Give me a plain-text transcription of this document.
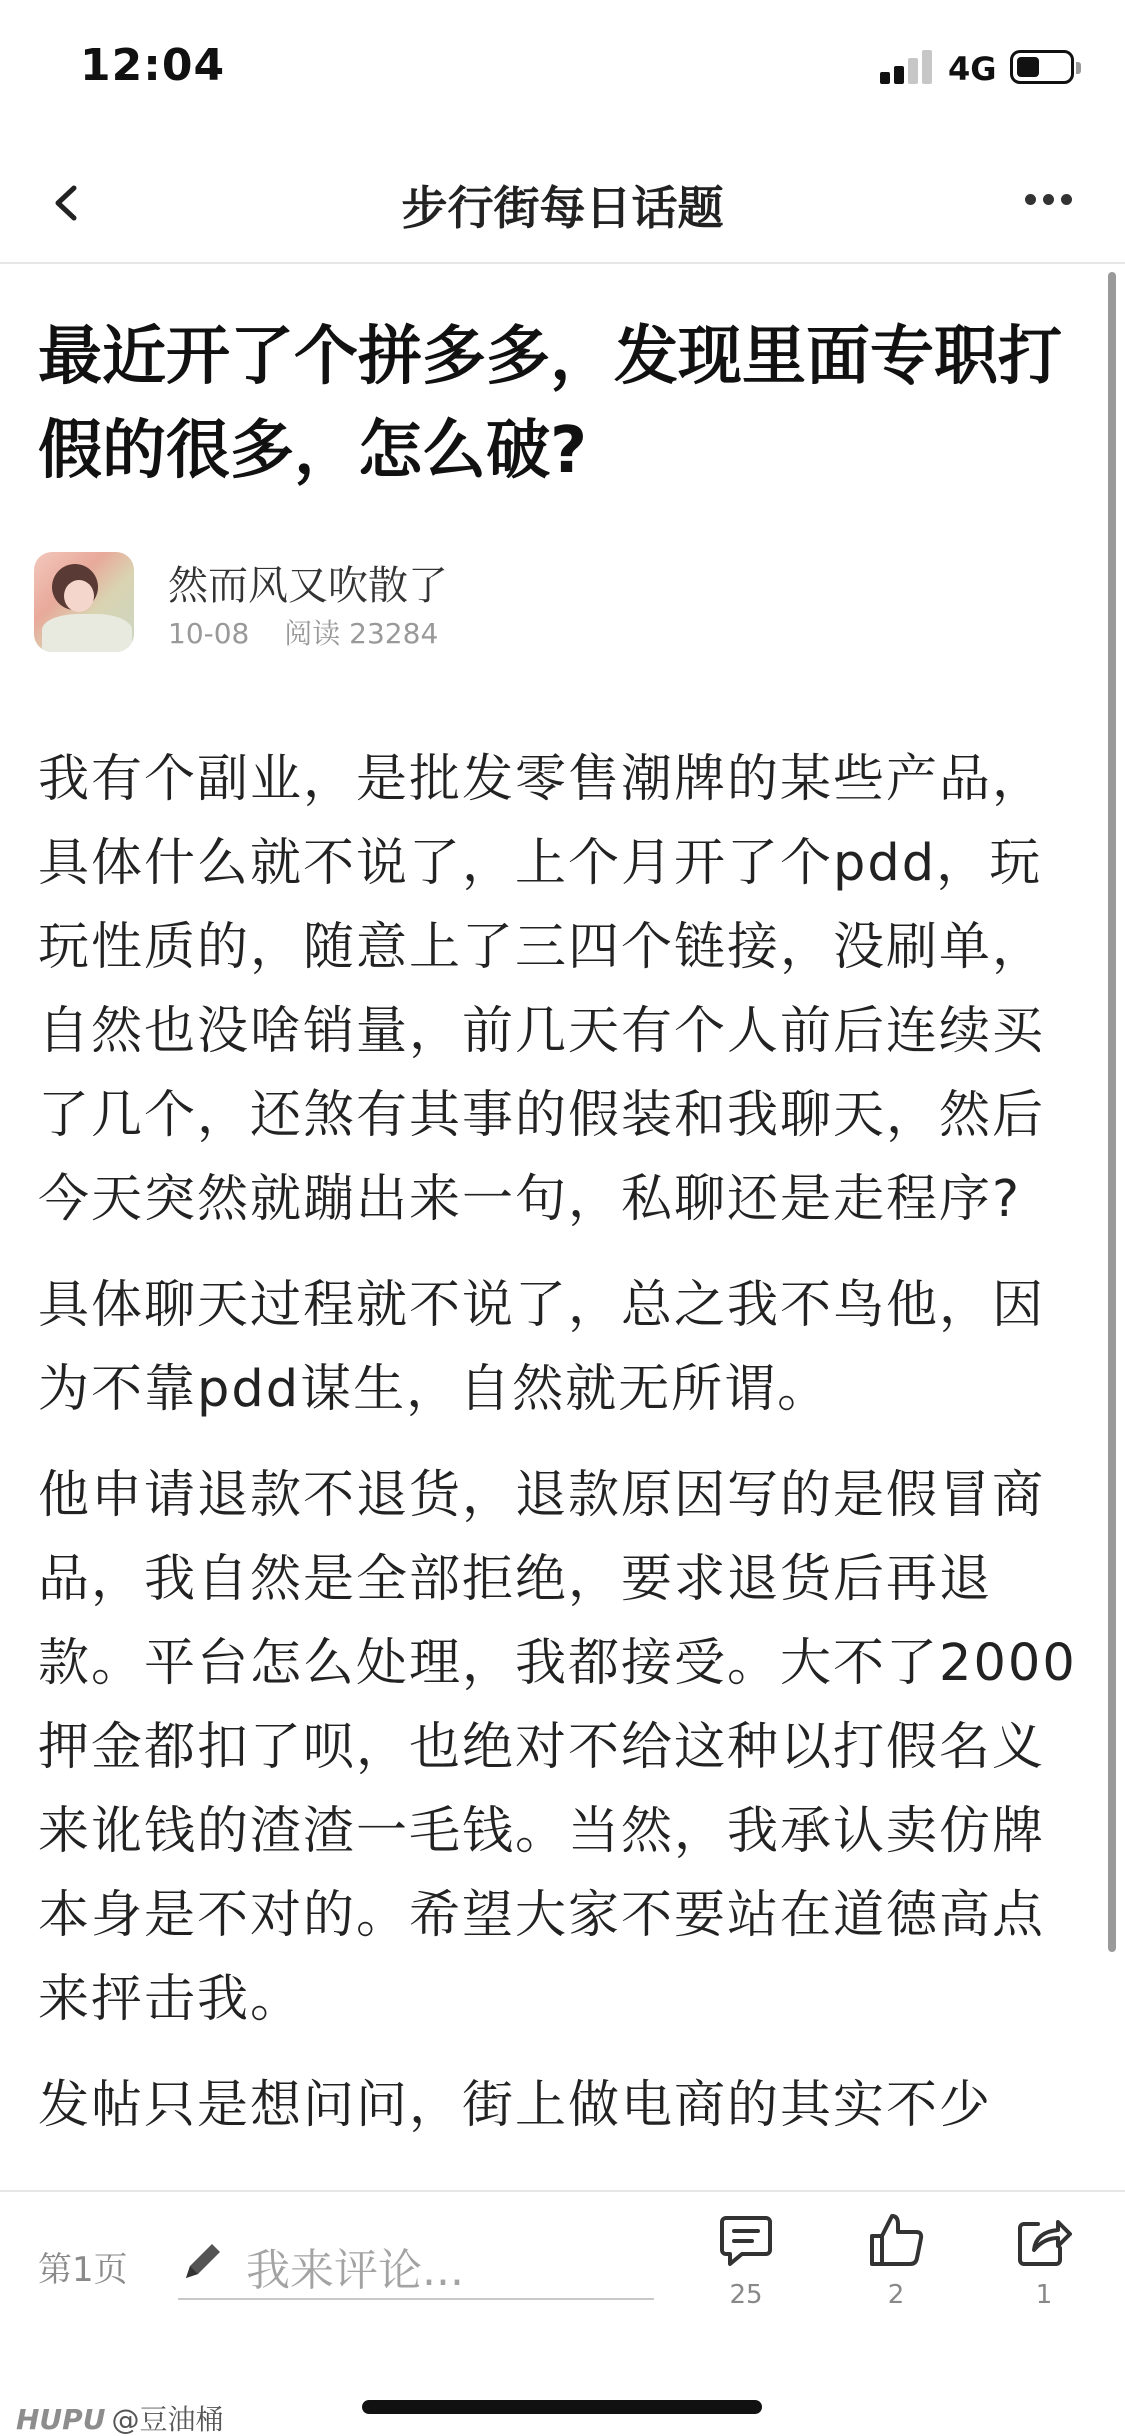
12:04	4G
步行街每日话题
最近开了个拼多多，发现里面专职打假的很多，怎么破?
然而风又吹散了
10-08 阅读 23284

我有个副业，是批发零售潮牌的某些产品，具体什么就不说了，上个月开了个pdd，玩玩性质的，随意上了三四个链接，没刷单，自然也没啥销量，前几天有个人前后连续买了几个，还煞有其事的假装和我聊天，然后今天突然就蹦出来一句，私聊还是走程序?

具体聊天过程就不说了，总之我不鸟他，因为不靠pdd谋生，自然就无所谓。

他申请退款不退货，退款原因写的是假冒商品，我自然是全部拒绝，要求退货后再退款。平台怎么处理，我都接受。大不了2000押金都扣了呗，也绝对不给这种以打假名义来讹钱的渣渣一毛钱。当然，我承认卖仿牌本身是不对的。希望大家不要站在道德高点来抨击我。

发帖只是想问问，街上做电商的其实不少

第1页	我来评论...	25	2	1
HUPU @豆油桶
